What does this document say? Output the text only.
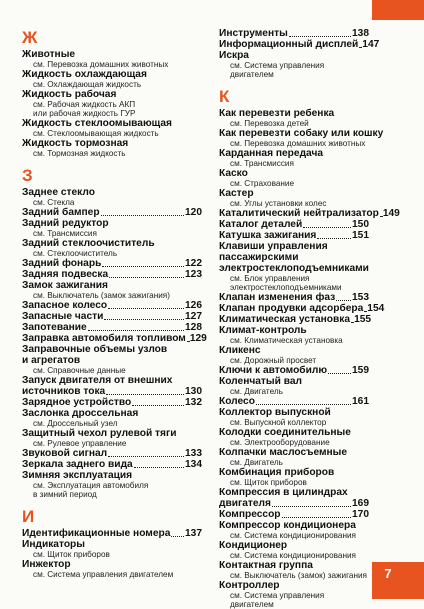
Ж
Животные
см. Перевозка домашних животных
Жидкость охлаждающая
см. Охлаждающая жидкость
Жидкость рабочая
см. Рабочая жидкость АКП
или рабочая жидкость ГУР
Жидкость стеклоомывающая
см. Стеклоомывающая жидкость
Жидкость тормозная
см. Тормозная жидкость
З
Заднее стекло
см. Стекла
Задний бампер	120
Задний редуктор
см. Трансмиссия
Задний стеклоочиститель
см. Стеклоочиститель
Задний фонарь	122
Задняя подвеска	123
Замок зажигания
см. Выключатель (замок зажигания)
Запасное колесо	126
Запасные части	127
Запотевание	128
Заправка автомобиля топливом 129
Заправочные объемы узлов
и агрегатов
см. Справочные данные
Запуск двигателя от внешних
источников тока	130
Зарядное устройство	132
Заслонка дроссельная
см. Дроссельный узел
Защитный чехол рулевой тяги
см. Рулевое управление
Звуковой сигнал	133
Зеркала заднего вида	134
Зимняя эксплуатация
см. Эксплуатация автомобиля
в зимний период
И
Идентификационные номера 137
Индикаторы
см. Щиток приборов
Инжектор
см. Система управления двигателем
Инструменты	138
Информационный дисплей 147
Искра
см. Система управления двигателем
К
Как перевезти ребенка
см. Перевозка детей
Как перевезти собаку или кошку
см. Перевозка домашних животных
Карданная передача
см. Трансмиссия
Каско
см. Страхование
Кастер
см. Углы установки колес
Каталитический нейтрализатор 149
Каталог деталей	150
Катушка зажигания	151
Клавиши управления
пассажирскими
электростеклоподъемниками
см. Блок управления
электростеклоподъемниками
Клапан изменения фаз 153
Клапан продувки адсорбера 154
Климатическая установка 155
Климат-контроль
см. Климатическая установка
Кликенс
см. Дорожный просвет
Ключи к автомобилю 159
Коленчатый вал
см. Двигатель
Колесо	161
Коллектор выпускной
см. Выпускной коллектор
Колодки соединительные
см. Электрооборудование
Колпачки маслосъемные
см. Двигатель
Комбинация приборов
см. Щиток приборов
Компрессия в цилиндрах
двигателя	169
Компрессор	170
Компрессор кондиционера
см. Система кондиционирования
Кондиционер
см. Система кондиционирования
Контактная группа
см. Выключатель (замок) зажигания
Контроллер
см. Система управления двигателем
7
